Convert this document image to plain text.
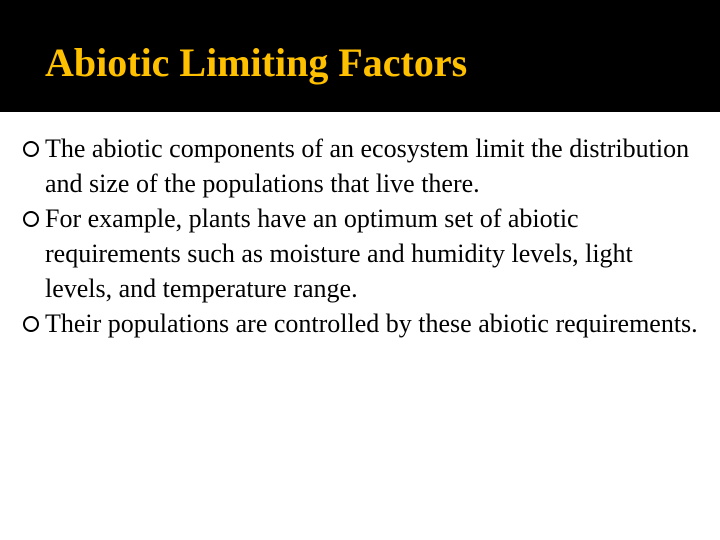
Abiotic Limiting Factors
The abiotic components of an ecosystem limit the distribution and size of the populations that live there.
For example, plants have an optimum set of abiotic requirements such as moisture and humidity levels, light levels, and temperature range.
Their populations are controlled by these abiotic requirements.
